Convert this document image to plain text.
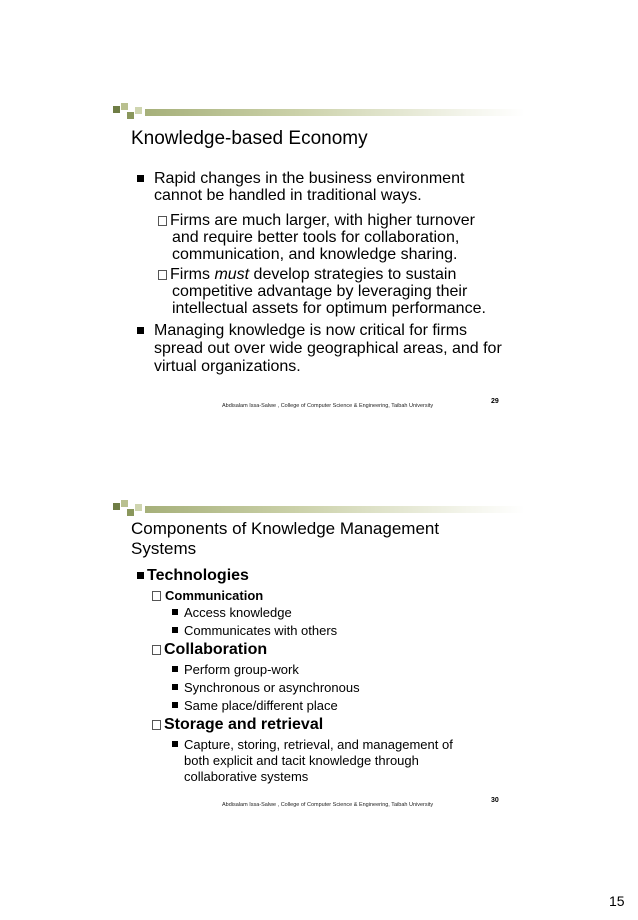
Knowledge-based Economy
Rapid changes in the business environment
cannot be handled in traditional ways.
Firms are much larger, with higher turnover
and require better tools for collaboration,
communication, and knowledge sharing.
Firms must develop strategies to sustain
competitive advantage by leveraging their
intellectual assets for optimum performance.
Managing knowledge is now critical for firms
spread out over wide geographical areas, and for
virtual organizations.
29
Abdisalam Issa-Salwe , College of Computer Science & Engineering, Taibah University
Components of Knowledge Management
Systems
Technologies
Communication
Access knowledge
Communicates with others
Collaboration
Perform group-work
Synchronous or asynchronous
Same place/different place
Storage and retrieval
Capture, storing, retrieval, and management of
both explicit and tacit knowledge through
collaborative systems
30
Abdisalam Issa-Salwe , College of Computer Science & Engineering, Taibah University
15
